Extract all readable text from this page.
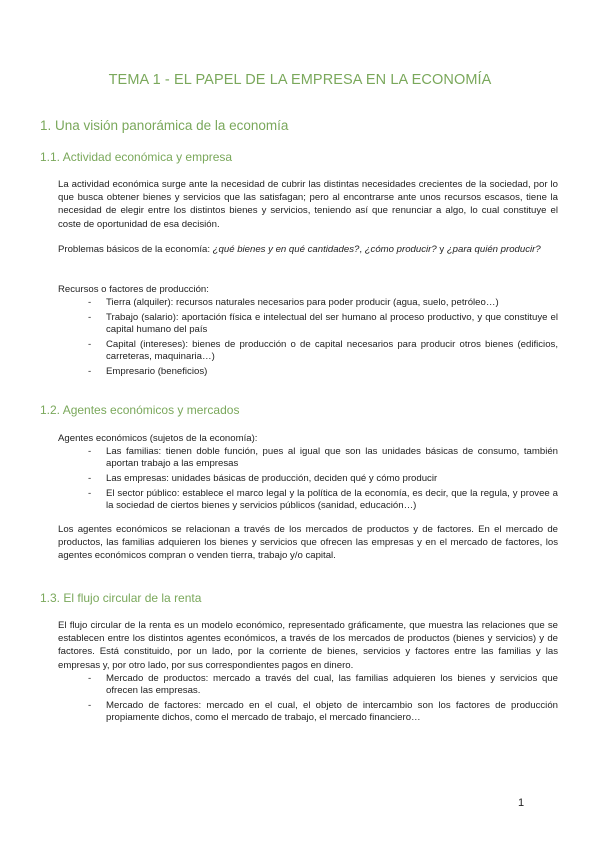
TEMA 1 - EL PAPEL DE LA EMPRESA EN LA ECONOMÍA
1. Una visión panorámica de la economía
1.1. Actividad económica y empresa

La actividad económica surge ante la necesidad de cubrir las distintas necesidades crecientes de la sociedad, por lo que busca obtener bienes y servicios que las satisfagan; pero al encontrarse ante unos recursos escasos, tiene la necesidad de elegir entre los distintos bienes y servicios, teniendo así que renunciar a algo, lo cual constituye el coste de oportunidad de esa decisión.

Problemas básicos de la economía: ¿qué bienes y en qué cantidades?, ¿cómo producir? y ¿para quién producir?

Recursos o factores de producción:

- Tierra (alquiler): recursos naturales necesarios para poder producir (agua, suelo, petróleo…)
- Trabajo (salario): aportación física e intelectual del ser humano al proceso productivo, y que constituye el capital humano del país
- Capital (intereses): bienes de producción o de capital necesarios para producir otros bienes (edificios, carreteras, maquinaria…)
- Empresario (beneficios)
1.2. Agentes económicos y mercados

Agentes económicos (sujetos de la economía):

- Las familias: tienen doble función, pues al igual que son las unidades básicas de consumo, también aportan trabajo a las empresas
- Las empresas: unidades básicas de producción, deciden qué y cómo producir
- El sector público: establece el marco legal y la política de la economía, es decir, que la regula, y provee a la sociedad de ciertos bienes y servicios públicos (sanidad, educación…)

Los agentes económicos se relacionan a través de los mercados de productos y de factores. En el mercado de productos, las familias adquieren los bienes y servicios que ofrecen las empresas y en el mercado de factores, los agentes económicos compran o venden tierra, trabajo y/o capital.

1.3. El flujo circular de la renta

El flujo circular de la renta es un modelo económico, representado gráficamente, que muestra las relaciones que se establecen entre los distintos agentes económicos, a través de los mercados de productos (bienes y servicios) y de factores. Está constituido, por un lado, por la corriente de bienes, servicios y factores entre las familias y las empresas y, por otro lado, por sus correspondientes pagos en dinero.

- Mercado de productos: mercado a través del cual, las familias adquieren los bienes y servicios que ofrecen las empresas.
- Mercado de factores: mercado en el cual, el objeto de intercambio son los factores de producción propiamente dichos, como el mercado de trabajo, el mercado financiero…
1
